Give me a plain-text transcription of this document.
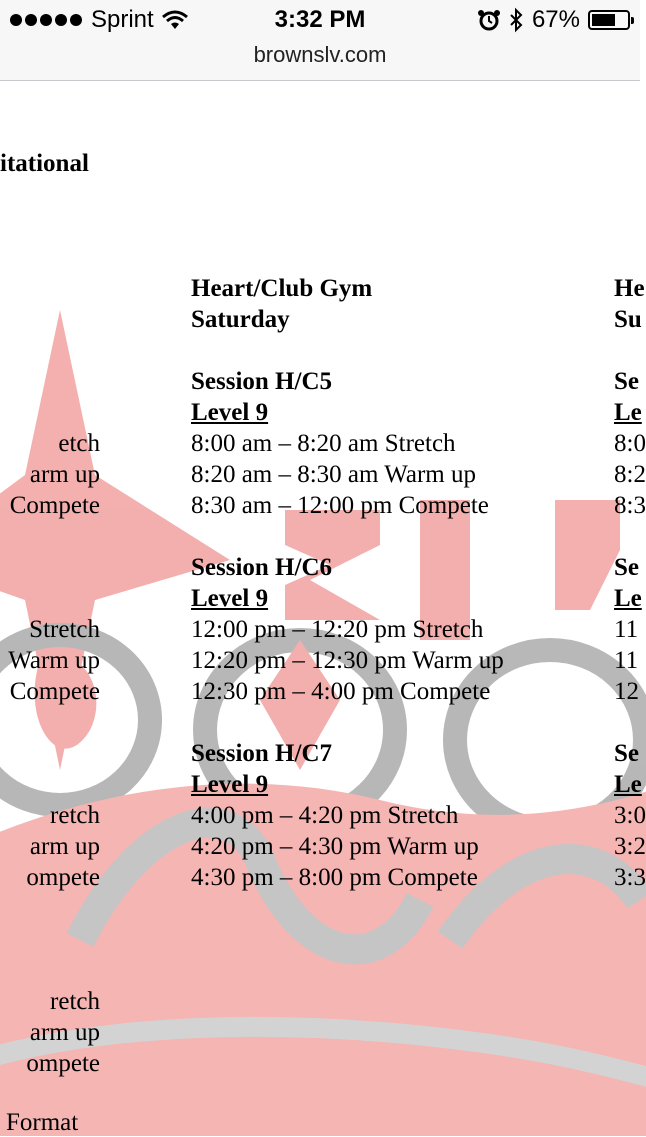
Sprint	3:32 PM	67%
brownslv.com
itational
etch
arm up
Compete
Stretch
Warm up
Compete
retch
arm up
ompete
retch
arm up
ompete
Heart/Club Gym
Saturday
Session H/C5
Level 9
8:00 am – 8:20 am Stretch
8:20 am – 8:30 am Warm up
8:30 am – 12:00 pm Compete
Session H/C6
Level 9
12:00 pm – 12:20 pm Stretch
12:20 pm – 12:30 pm Warm up
12:30 pm – 4:00 pm Compete
Session H/C7
Level 9
4:00 pm – 4:20 pm Stretch
4:20 pm – 4:30 pm Warm up
4:30 pm – 8:00 pm Compete
He
Su
Se
Le
8:0
8:2
8:3
Se
Le
11
11
12
Se
Le
3:0
3:2
3:3
Format
